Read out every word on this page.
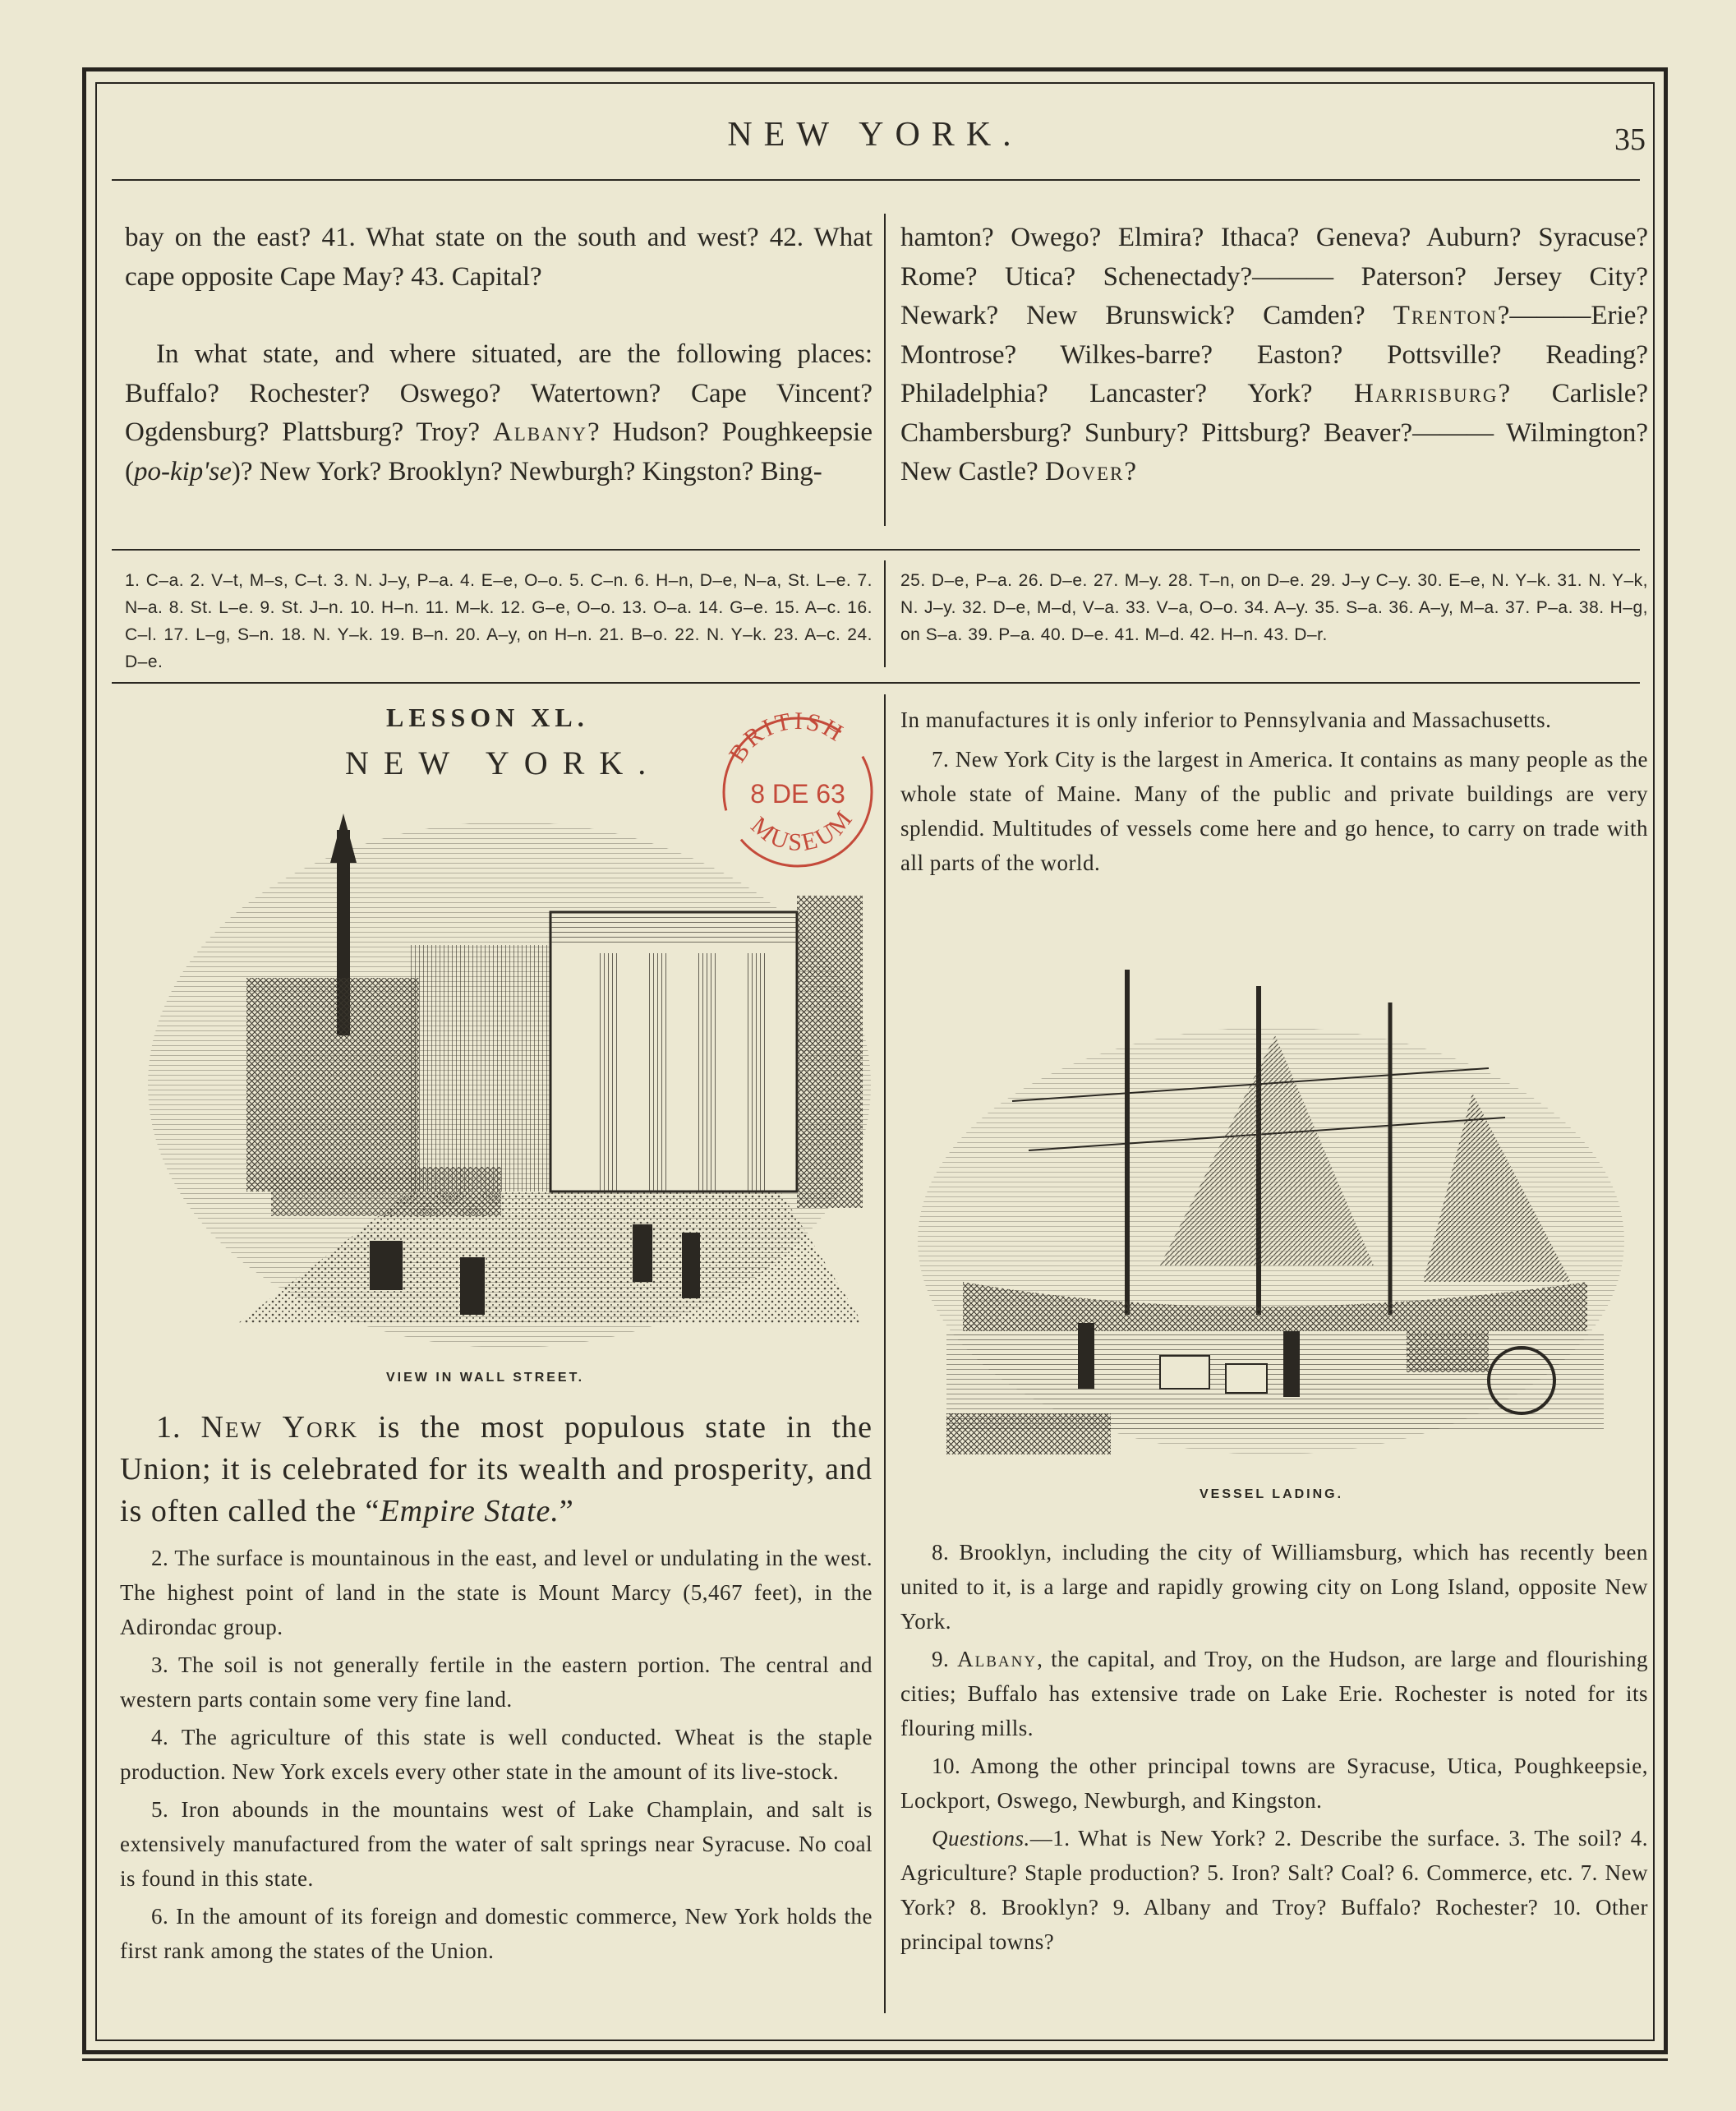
NEW YORK.	35

bay on the east? 41. What state on the south and west? 42. What cape opposite Cape May? 43. Capital?

In what state, and where situated, are the following places: Buffalo? Rochester? Oswego? Watertown? Cape Vincent? Ogdensburg? Plattsburg? Troy? Albany? Hudson? Poughkeepsie (po-kip'se)? New York? Brooklyn? Newburgh? Kingston? Bing-

hamton? Owego? Elmira? Ithaca? Geneva? Auburn? Syracuse? Rome? Utica? Schenectady?——— Paterson? Jersey City? Newark? New Brunswick? Camden? Trenton?———Erie? Montrose? Wilkes-barre? Easton? Pottsville? Reading? Philadelphia? Lancaster? York? Harrisburg? Carlisle? Chambersburg? Sunbury? Pittsburg? Beaver?——— Wilmington? New Castle? Dover?

1. C–a. 2. V–t, M–s, C–t. 3. N. J–y, P–a. 4. E–e, O–o. 5. C–n. 6. H–n, D–e, N–a, St. L–e. 7. N–a. 8. St. L–e. 9. St. J–n. 10. H–n. 11. M–k. 12. G–e, O–o. 13. O–a. 14. G–e. 15. A–c. 16. C–l. 17. L–g, S–n. 18. N. Y–k. 19. B–n. 20. A–y, on H–n. 21. B–o. 22. N. Y–k. 23. A–c. 24. D–e.
25. D–e, P–a. 26. D–e. 27. M–y. 28. T–n, on D–e. 29. J–y C–y. 30. E–e, N. Y–k. 31. N. Y–k, N. J–y. 32. D–e, M–d, V–a. 33. V–a, O–o. 34. A–y. 35. S–a. 36. A–y, M–a. 37. P–a. 38. H–g, on S–a. 39. P–a. 40. D–e. 41. M–d. 42. H–n. 43. D–r.
LESSON XL.
NEW YORK.	BRITISH
8 DE 63
MUSEUM
VIEW IN WALL STREET.
VESSEL LADING.

1. New York is the most populous state in the Union; it is celebrated for its wealth and prosperity, and is often called the “Empire State.”

2. The surface is mountainous in the east, and level or undulating in the west. The highest point of land in the state is Mount Marcy (5,467 feet), in the Adirondac group.

3. The soil is not generally fertile in the eastern portion. The central and western parts contain some very fine land.

4. The agriculture of this state is well conducted. Wheat is the staple production. New York excels every other state in the amount of its live-stock.

5. Iron abounds in the mountains west of Lake Champlain, and salt is extensively manufactured from the water of salt springs near Syracuse. No coal is found in this state.

6. In the amount of its foreign and domestic commerce, New York holds the first rank among the states of the Union.

In manufactures it is only inferior to Pennsylvania and Massachusetts.

7. New York City is the largest in America. It contains as many people as the whole state of Maine. Many of the public and private buildings are very splendid. Multitudes of vessels come here and go hence, to carry on trade with all parts of the world.

8. Brooklyn, including the city of Williamsburg, which has recently been united to it, is a large and rapidly growing city on Long Island, opposite New York.

9. Albany, the capital, and Troy, on the Hudson, are large and flourishing cities; Buffalo has extensive trade on Lake Erie. Rochester is noted for its flouring mills.

10. Among the other principal towns are Syracuse, Utica, Poughkeepsie, Lockport, Oswego, Newburgh, and Kingston.

Questions.—1. What is New York? 2. Describe the surface. 3. The soil? 4. Agriculture? Staple production? 5. Iron? Salt? Coal? 6. Commerce, etc. 7. New York? 8. Brooklyn? 9. Albany and Troy? Buffalo? Rochester? 10. Other principal towns?
